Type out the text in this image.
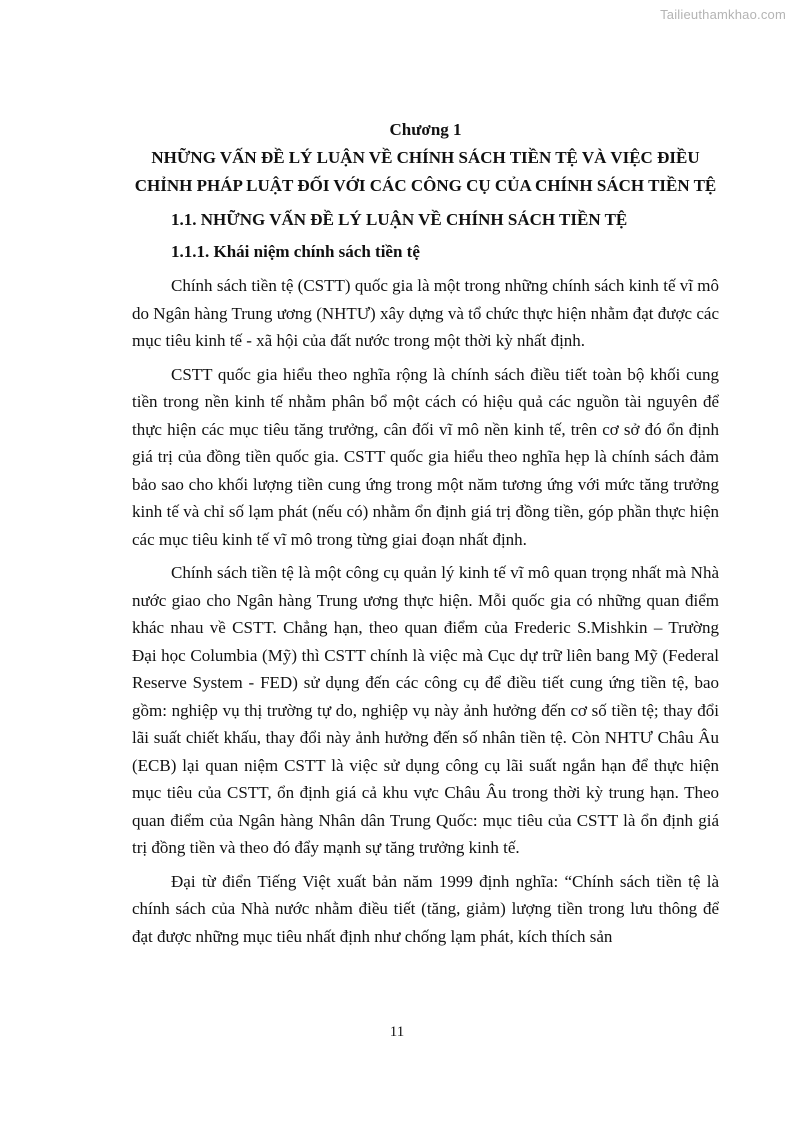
Tailieuthamkhao.com

Chương 1

NHỮNG VẤN ĐỀ LÝ LUẬN VỀ CHÍNH SÁCH TIỀN TỆ VÀ VIỆC ĐIỀU CHỈNH PHÁP LUẬT ĐỐI VỚI CÁC CÔNG CỤ CỦA CHÍNH SÁCH TIỀN TỆ

1.1. NHỮNG VẤN ĐỀ LÝ LUẬN VỀ CHÍNH SÁCH TIỀN TỆ

1.1.1. Khái niệm chính sách tiền tệ

Chính sách tiền tệ (CSTT) quốc gia là một trong những chính sách kinh tế vĩ mô do Ngân hàng Trung ương (NHTƯ) xây dựng và tổ chức thực hiện nhằm đạt được các mục tiêu kinh tế - xã hội của đất nước trong một thời kỳ nhất định.

CSTT quốc gia hiểu theo nghĩa rộng là chính sách điều tiết toàn bộ khối cung tiền trong nền kinh tế nhằm phân bổ một cách có hiệu quả các nguồn tài nguyên để thực hiện các mục tiêu tăng trưởng, cân đối vĩ mô nền kinh tế, trên cơ sở đó ổn định giá trị của đồng tiền quốc gia. CSTT quốc gia hiểu theo nghĩa hẹp là chính sách đảm bảo sao cho khối lượng tiền cung ứng trong một năm tương ứng với mức tăng trưởng kinh tế và chỉ số lạm phát (nếu có) nhằm ổn định giá trị đồng tiền, góp phần thực hiện các mục tiêu kinh tế vĩ mô trong từng giai đoạn nhất định.

Chính sách tiền tệ là một công cụ quản lý kinh tế vĩ mô quan trọng nhất mà Nhà nước giao cho Ngân hàng Trung ương thực hiện. Mỗi quốc gia có những quan điểm khác nhau về CSTT. Chẳng hạn, theo quan điểm của Frederic S.Mishkin – Trường Đại học Columbia (Mỹ) thì CSTT chính là việc mà Cục dự trữ liên bang Mỹ (Federal Reserve System - FED) sử dụng đến các công cụ để điều tiết cung ứng tiền tệ, bao gồm: nghiệp vụ thị trường tự do, nghiệp vụ này ảnh hưởng đến cơ số tiền tệ; thay đổi lãi suất chiết khấu, thay đổi này ảnh hưởng đến số nhân tiền tệ. Còn NHTƯ Châu Âu (ECB) lại quan niệm CSTT là việc sử dụng công cụ lãi suất ngắn hạn để thực hiện mục tiêu của CSTT, ổn định giá cả khu vực Châu Âu trong thời kỳ trung hạn. Theo quan điểm của Ngân hàng Nhân dân Trung Quốc: mục tiêu của CSTT là ổn định giá trị đồng tiền và theo đó đẩy mạnh sự tăng trưởng kinh tế.

Đại từ điển Tiếng Việt xuất bản năm 1999 định nghĩa: “Chính sách tiền tệ là chính sách của Nhà nước nhằm điều tiết (tăng, giảm) lượng tiền trong lưu thông để đạt được những mục tiêu nhất định như chống lạm phát, kích thích sản

11
